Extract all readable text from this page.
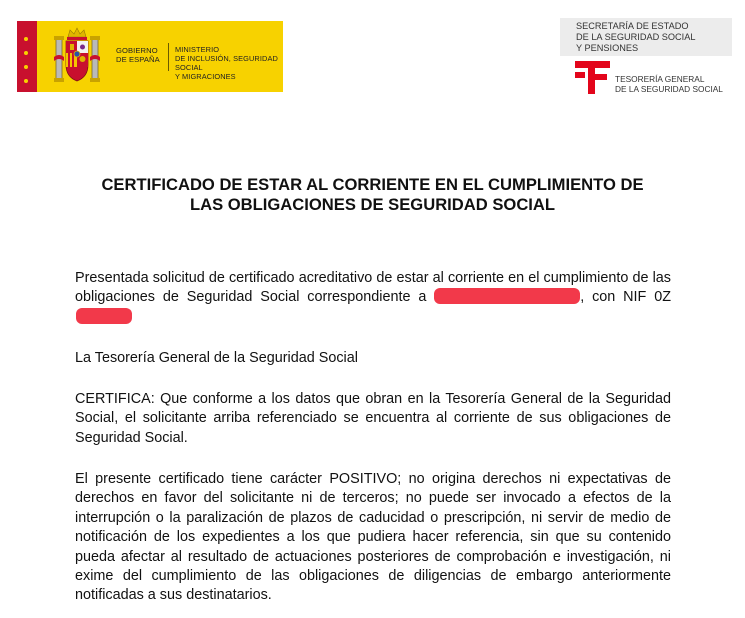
GOBIERNO
DE ESPAÑA
MINISTERIO
DE INCLUSIÓN, SEGURIDAD SOCIAL
Y MIGRACIONES
SECRETARÍA DE ESTADO
DE LA SEGURIDAD SOCIAL
Y PENSIONES
TESORERÍA GENERAL
DE LA SEGURIDAD SOCIAL
CERTIFICADO DE ESTAR AL CORRIENTE EN EL CUMPLIMIENTO DE
LAS OBLIGACIONES DE SEGURIDAD SOCIAL
Presentada solicitud de certificado acreditativo de estar al corriente en el cumplimiento de las obligaciones de Seguridad Social correspondiente a	, con NIF 0Z
La Tesorería General de la Seguridad Social
CERTIFICA: Que conforme a los datos que obran en la Tesorería General de la Seguridad Social, el solicitante arriba referenciado se encuentra al corriente de sus obligaciones de Seguridad Social.
El presente certificado tiene carácter POSITIVO; no origina derechos ni expectativas de derechos en favor del solicitante ni de terceros; no puede ser invocado a efectos de la interrupción o la paralización de plazos de caducidad o prescripción, ni servir de medio de notificación de los expedientes a los que pudiera hacer referencia, sin que su contenido pueda afectar al resultado de actuaciones posteriores de comprobación e investigación, ni exime del cumplimiento de las obligaciones de diligencias de embargo anteriormente notificadas a sus destinatarios.
